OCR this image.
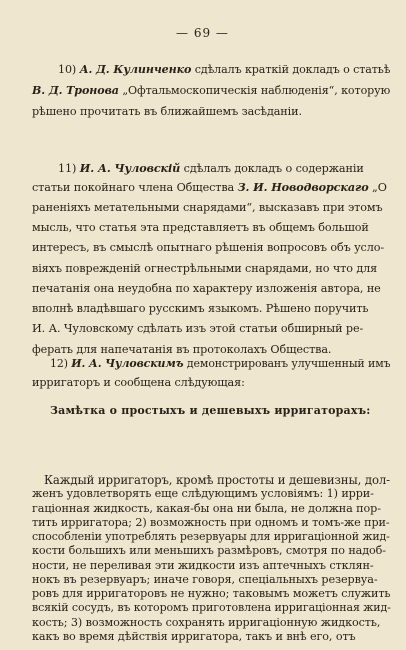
— 69 —
10) А. Д. Кулинченко сдѣлалъ краткій докладъ о статьѣ
В. Д. Тронова „Офтальмоскопическія наблюденія“, которую
рѣшено прочитать въ ближайшемъ засѣданіи.
11) И. А. Чуловскій сдѣлалъ докладъ о содержаніи
статьи покойнаго члена Общества З. И. Новодворскаго „О
раненіяхъ метательными снарядами“, высказавъ при этомъ
мысль, что статья эта представляетъ въ общемъ большой
интересъ, въ смыслѣ опытнаго рѣшенія вопросовъ объ усло-
віяхъ поврежденій огнестрѣльными снарядами, но что для
печатанія она неудобна по характеру изложенія автора, не
вполнѣ владѣвшаго русскимъ языкомъ. Рѣшено поручить
И. А. Чуловскому сдѣлать изъ этой статьи обширный ре-
ферать для напечатанія въ протоколахъ Общества.
12) И. А. Чуловскимъ демонстрированъ улучшенный имъ
ирригаторъ и сообщена слѣдующая:
Замѣтка о простыхъ и дешевыхъ ирригаторахъ:
Каждый ирригаторъ, кромѣ простоты и дешевизны, дол-
женъ удовлетворять еще слѣдующимъ условіямъ: 1) ирри-
гаціонная жидкость, какая-бы она ни была, не должна пор-
тить ирригатора; 2) возможность при одномъ и томъ-же при-
способленіи употреблять резервуары для ирригаціонной жид-
кости большихъ или меньшихъ размѣровъ, смотря по надоб-
ности, не переливая эти жидкости изъ аптечныхъ стклян-
нокъ въ резервуаръ; иначе говоря, спеціальныхъ резервуа-
ровъ для ирригаторовъ не нужно; таковымъ можетъ служить
всякій сосудъ, въ которомъ приготовлена ирригаціонная жид-
кость; 3) возможность сохранять ирригаціонную жидкость,
какъ во время дѣйствія ирригатора, такъ и внѣ его, отъ
